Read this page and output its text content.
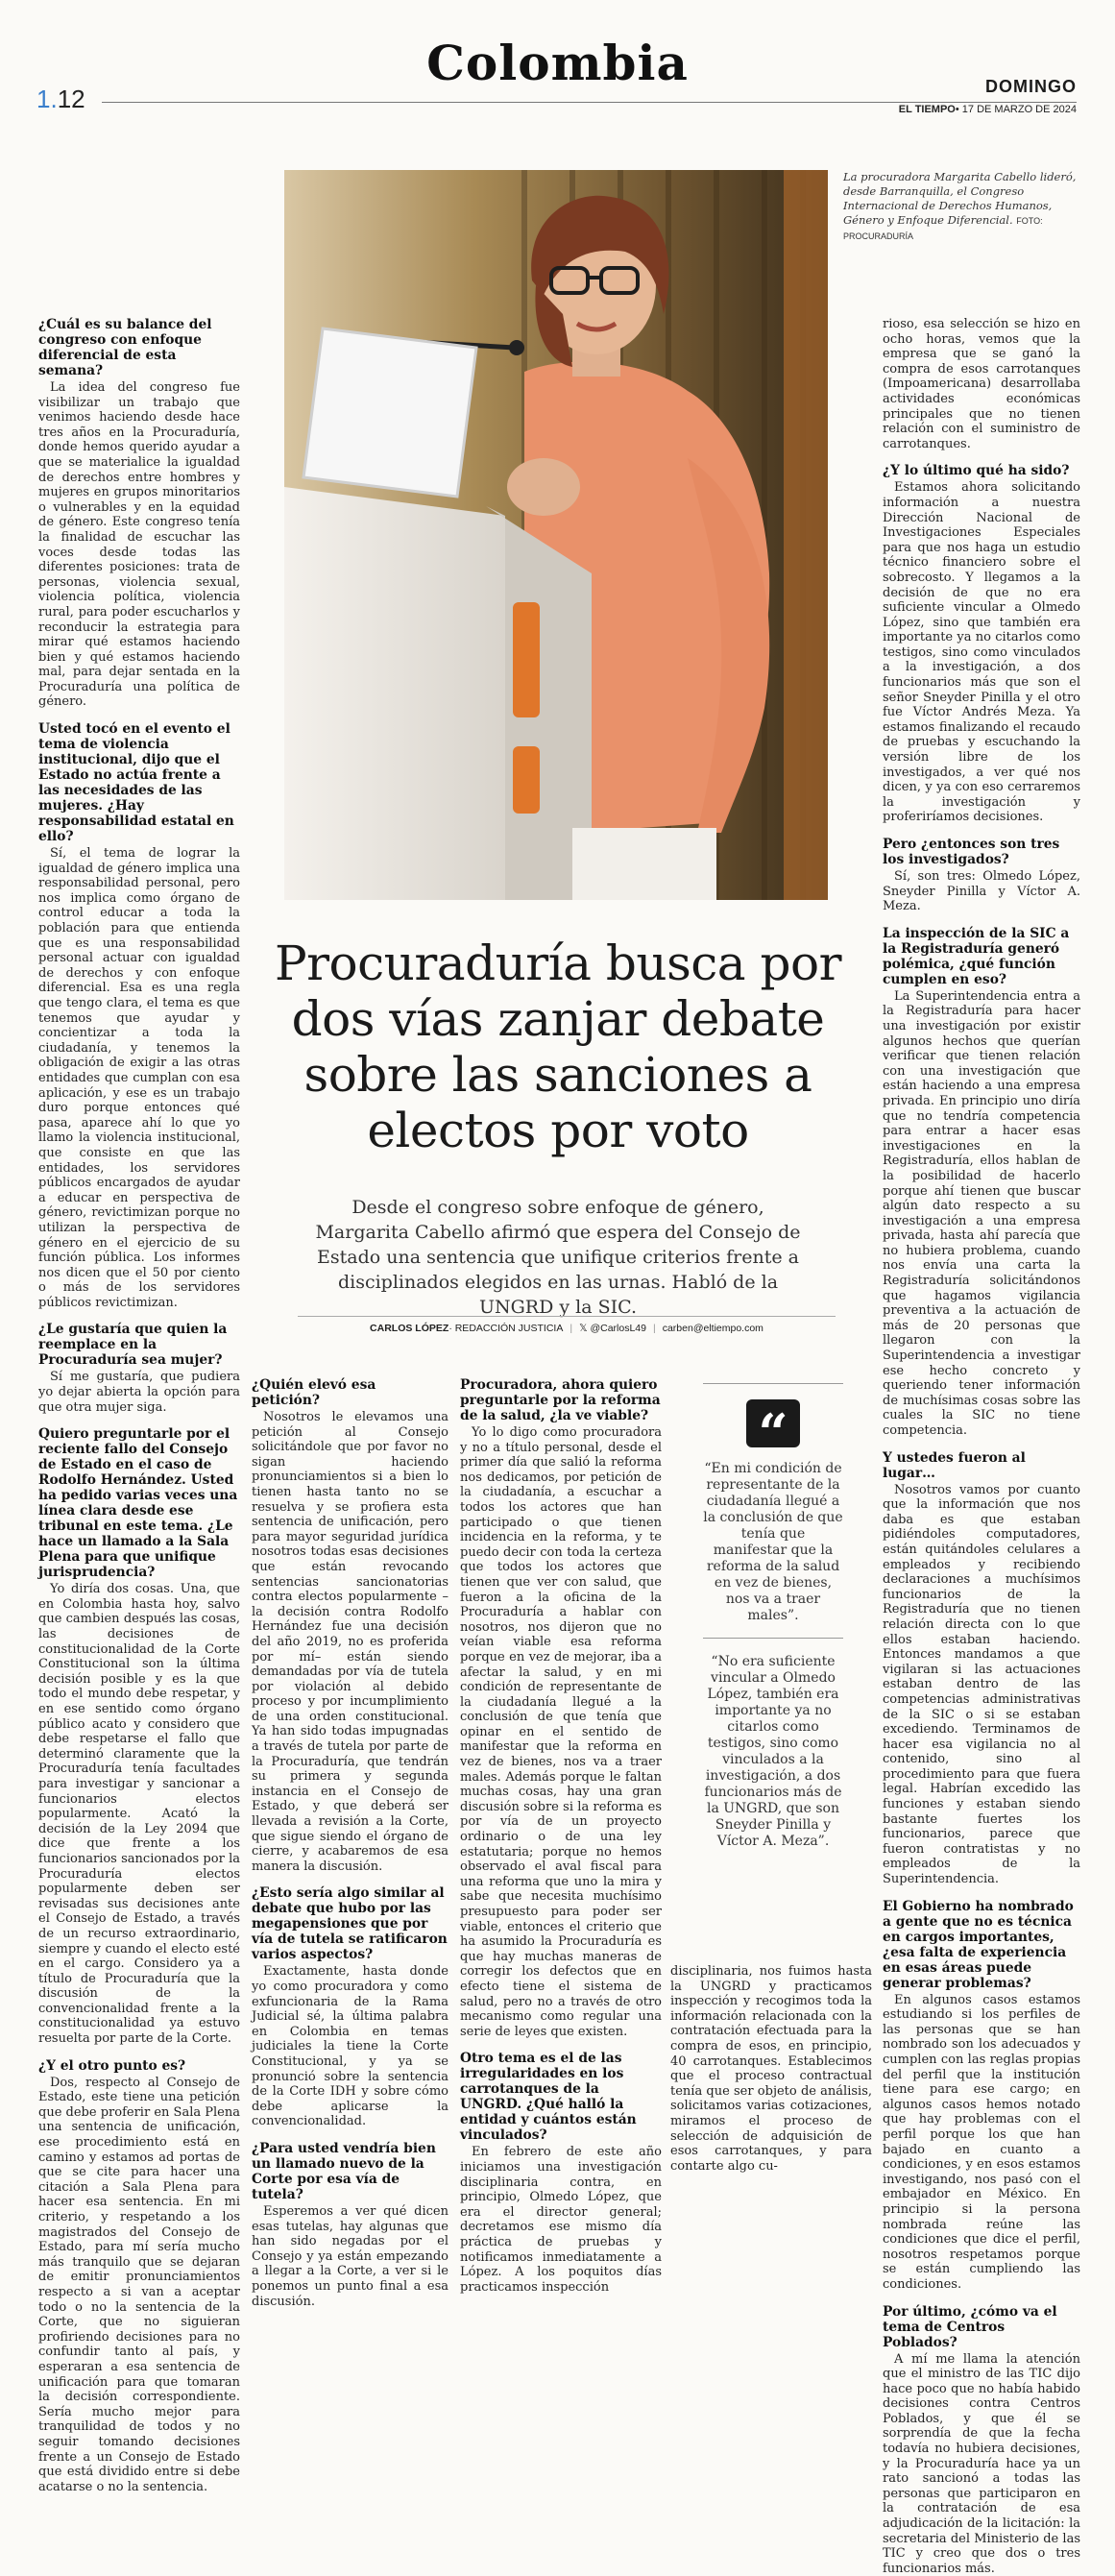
Colombia
1.12	DOMINGO
EL TIEMPO• 17 DE MARZO DE 2024
La procuradora Margarita Cabello lideró, desde Barranquilla, el Congreso Internacional de Derechos Humanos, Género y Enfoque Diferencial. FOTO: PROCURADURÍA
Procuraduría busca por dos vías zanjar debate sobre las sanciones a electos por voto

Desde el congreso sobre enfoque de género, Margarita Cabello afirmó que espera del Consejo de Estado una sentencia que unifique criterios frente a disciplinados elegidos en las urnas. Habló de la UNGRD y la SIC.

CARLOS LÓPEZ· REDACCIÓN JUSTICIA | 𝕏 @CarlosL49 | carben@eltiempo.com
¿Cuál es su balance del congreso con enfoque diferencial de esta semana?

La idea del congreso fue visibilizar un trabajo que venimos haciendo desde hace tres años en la Procuraduría, donde hemos querido ayudar a que se materialice la igualdad de derechos entre hombres y mujeres en grupos minoritarios o vulnerables y en la equidad de género. Este congreso tenía la finalidad de escuchar las voces desde todas las diferentes posiciones: trata de personas, violencia sexual, violencia política, violencia rural, para poder escucharlos y reconducir la estrategia para mirar qué estamos haciendo bien y qué estamos haciendo mal, para dejar sentada en la Procuraduría una política de género.

Usted tocó en el evento el tema de violencia institucional, dijo que el Estado no actúa frente a las necesidades de las mujeres. ¿Hay responsabilidad estatal en ello?

Sí, el tema de lograr la igualdad de género implica una responsabilidad personal, pero nos implica como órgano de control educar a toda la población para que entienda que es una responsabilidad personal actuar con igualdad de derechos y con enfoque diferencial. Esa es una regla que tengo clara, el tema es que tenemos que ayudar y concientizar a toda la ciudadanía, y tenemos la obligación de exigir a las otras entidades que cumplan con esa aplicación, y ese es un trabajo duro porque entonces qué pasa, aparece ahí lo que yo llamo la violencia institucional, que consiste en que las entidades, los servidores públicos encargados de ayudar a educar en perspectiva de género, revictimizan porque no utilizan la perspectiva de género en el ejercicio de su función pública. Los informes nos dicen que el 50 por ciento o más de los servidores públicos revictimizan.

¿Le gustaría que quien la reemplace en la Procuraduría sea mujer?

Sí me gustaría, que pudiera yo dejar abierta la opción para que otra mujer siga.

Quiero preguntarle por el reciente fallo del Consejo de Estado en el caso de Rodolfo Hernández. Usted ha pedido varias veces una línea clara desde ese tribunal en este tema. ¿Le hace un llamado a la Sala Plena para que unifique jurisprudencia?

Yo diría dos cosas. Una, que en Colombia hasta hoy, salvo que cambien después las cosas, las decisiones de constitucionalidad de la Corte Constitucional son la última decisión posible y es la que todo el mundo debe respetar, y en ese sentido como órgano público acato y considero que debe respetarse el fallo que determinó claramente que la Procuraduría tenía facultades para investigar y sancionar a funcionarios electos popularmente. Acató la decisión de la Ley 2094 que dice que frente a los funcionarios sancionados por la Procuraduría electos popularmente deben ser revisadas sus decisiones ante el Consejo de Estado, a través de un recurso extraordinario, siempre y cuando el electo esté en el cargo. Considero ya a título de Procuraduría que la discusión de la convencionalidad frente a la constitucionalidad ya estuvo resuelta por parte de la Corte.

¿Y el otro punto es?

Dos, respecto al Consejo de Estado, este tiene una petición que debe proferir en Sala Plena una sentencia de unificación, ese procedimiento está en camino y estamos ad portas de que se cite para hacer una citación a Sala Plena para hacer esa sentencia. En mi criterio, y respetando a los magistrados del Consejo de Estado, para mí sería mucho más tranquilo que se dejaran de emitir pronunciamientos respecto a si van a aceptar todo o no la sentencia de la Corte, que no siguieran profiriendo decisiones para no confundir tanto al país, y esperaran a esa sentencia de unificación para que tomaran la decisión correspondiente. Sería mucho mejor para tranquilidad de todos y no seguir tomando decisiones frente a un Consejo de Estado que está dividido entre si debe acatarse o no la sentencia.

¿Quién elevó esa petición?

Nosotros le elevamos una petición al Consejo solicitándole que por favor no sigan haciendo pronunciamientos si a bien lo tienen hasta tanto no se resuelva y se profiera esta sentencia de unificación, pero para mayor seguridad jurídica nosotros todas esas decisiones que están revocando sentencias sancionatorias contra electos popularmente –la decisión contra Rodolfo Hernández fue una decisión del año 2019, no es proferida por mí– están siendo demandadas por vía de tutela por violación al debido proceso y por incumplimiento de una orden constitucional. Ya han sido todas impugnadas a través de tutela por parte de la Procuraduría, que tendrán su primera y segunda instancia en el Consejo de Estado, y que deberá ser llevada a revisión a la Corte, que sigue siendo el órgano de cierre, y acabaremos de esa manera la discusión.

¿Esto sería algo similar al debate que hubo por las megapensiones que por vía de tutela se ratificaron varios aspectos?

Exactamente, hasta donde yo como procuradora y como exfuncionaria de la Rama Judicial sé, la última palabra en Colombia en temas judiciales la tiene la Corte Constitucional, y ya se pronunció sobre la sentencia de la Corte IDH y sobre cómo debe aplicarse la convencionalidad.

¿Para usted vendría bien un llamado nuevo de la Corte por esa vía de tutela?

Esperemos a ver qué dicen esas tutelas, hay algunas que han sido negadas por el Consejo y ya están empezando a llegar a la Corte, a ver si le ponemos un punto final a esa discusión.

Procuradora, ahora quiero preguntarle por la reforma de la salud, ¿la ve viable?

Yo lo digo como procuradora y no a título personal, desde el primer día que salió la reforma nos dedicamos, por petición de la ciudadanía, a escuchar a todos los actores que han participado o que tienen incidencia en la reforma, y te puedo decir con toda la certeza que todos los actores que tienen que ver con salud, que fueron a la oficina de la Procuraduría a hablar con nosotros, nos dijeron que no veían viable esa reforma porque en vez de mejorar, iba a afectar la salud, y en mi condición de representante de la ciudadanía llegué a la conclusión de que tenía que opinar en el sentido de manifestar que la reforma en vez de bienes, nos va a traer males. Además porque le faltan muchas cosas, hay una gran discusión sobre si la reforma es por vía de un proyecto ordinario o de una ley estatutaria; porque no hemos observado el aval fiscal para una reforma que uno la mira y sabe que necesita muchísimo presupuesto para poder ser viable, entonces el criterio que ha asumido la Procuraduría es que hay muchas maneras de corregir los defectos que en efecto tiene el sistema de salud, pero no a través de otro mecanismo como regular una serie de leyes que existen.

Otro tema es el de las irregularidades en los carrotanques de la UNGRD. ¿Qué halló la entidad y cuántos están vinculados?

En febrero de este año iniciamos una investigación disciplinaria contra, en principio, Olmedo López, que era el director general; decretamos ese mismo día práctica de pruebas y notificamos inmediatamente a López. A los poquitos días practicamos inspección

“

“En mi condición de representante de la ciudadanía llegué a la conclusión de que tenía que manifestar que la reforma de la salud en vez de bienes, nos va a traer males”.

“No era suficiente vincular a Olmedo López, también era importante ya no citarlos como testigos, sino como vinculados a la investigación, a dos funcionarios más de la UNGRD, que son Sneyder Pinilla y Víctor A. Meza”.

disciplinaria, nos fuimos hasta la UNGRD y practicamos inspección y recogimos toda la información relacionada con la contratación efectuada para la compra de esos, en principio, 40 carrotanques. Establecimos que el proceso contractual tenía que ser objeto de análisis, solicitamos varias cotizaciones, miramos el proceso de selección de adquisición de esos carrotanques, y para contarte algo cu-

rioso, esa selección se hizo en ocho horas, vemos que la empresa que se ganó la compra de esos carrotanques (Impoamericana) desarrollaba actividades económicas principales que no tienen relación con el suministro de carrotanques.

¿Y lo último qué ha sido?

Estamos ahora solicitando información a nuestra Dirección Nacional de Investigaciones Especiales para que nos haga un estudio técnico financiero sobre el sobrecosto. Y llegamos a la decisión de que no era suficiente vincular a Olmedo López, sino que también era importante ya no citarlos como testigos, sino como vinculados a la investigación, a dos funcionarios más que son el señor Sneyder Pinilla y el otro fue Víctor Andrés Meza. Ya estamos finalizando el recaudo de pruebas y escuchando la versión libre de los investigados, a ver qué nos dicen, y ya con eso cerraremos la investigación y proferiríamos decisiones.

Pero ¿entonces son tres los investigados?

Sí, son tres: Olmedo López, Sneyder Pinilla y Víctor A. Meza.

La inspección de la SIC a la Registraduría generó polémica, ¿qué función cumplen en eso?

La Superintendencia entra a la Registraduría para hacer una investigación por existir algunos hechos que querían verificar que tienen relación con una investigación que están haciendo a una empresa privada. En principio uno diría que no tendría competencia para entrar a hacer esas investigaciones en la Registraduría, ellos hablan de la posibilidad de hacerlo porque ahí tienen que buscar algún dato respecto a su investigación a una empresa privada, hasta ahí parecía que no hubiera problema, cuando nos envía una carta la Registraduría solicitándonos que hagamos vigilancia preventiva a la actuación de más de 20 personas que llegaron con la Superintendencia a investigar ese hecho concreto y queriendo tener información de muchísimas cosas sobre las cuales la SIC no tiene competencia.

Y ustedes fueron al lugar…

Nosotros vamos por cuanto que la información que nos daba es que estaban pidiéndoles computadores, están quitándoles celulares a empleados y recibiendo declaraciones a muchísimos funcionarios de la Registraduría que no tienen relación directa con lo que ellos estaban haciendo. Entonces mandamos a que vigilaran si las actuaciones estaban dentro de las competencias administrativas de la SIC o si se estaban excediendo. Terminamos de hacer esa vigilancia no al contenido, sino al procedimiento para que fuera legal. Habrían excedido las funciones y estaban siendo bastante fuertes los funcionarios, parece que fueron contratistas y no empleados de la Superintendencia.

El Gobierno ha nombrado a gente que no es técnica en cargos importantes, ¿esa falta de experiencia en esas áreas puede generar problemas?

En algunos casos estamos estudiando si los perfiles de las personas que se han nombrado son los adecuados y cumplen con las reglas propias del perfil que la institución tiene para ese cargo; en algunos casos hemos notado que hay problemas con el perfil porque los que han bajado en cuanto a condiciones, y en esos estamos investigando, nos pasó con el embajador en México. En principio si la persona nombrada reúne las condiciones que dice el perfil, nosotros respetamos porque se están cumpliendo las condiciones.

Por último, ¿cómo va el tema de Centros Poblados?

A mí me llama la atención que el ministro de las TIC dijo hace poco que no había habido decisiones contra Centros Poblados, y que él se sorprendía de que la fecha todavía no hubiera decisiones, y la Procuraduría hace ya un rato sancionó a todas las personas que participaron en la contratación de esa adjudicación de la licitación: la secretaria del Ministerio de las TIC y creo que dos o tres funcionarios más.
